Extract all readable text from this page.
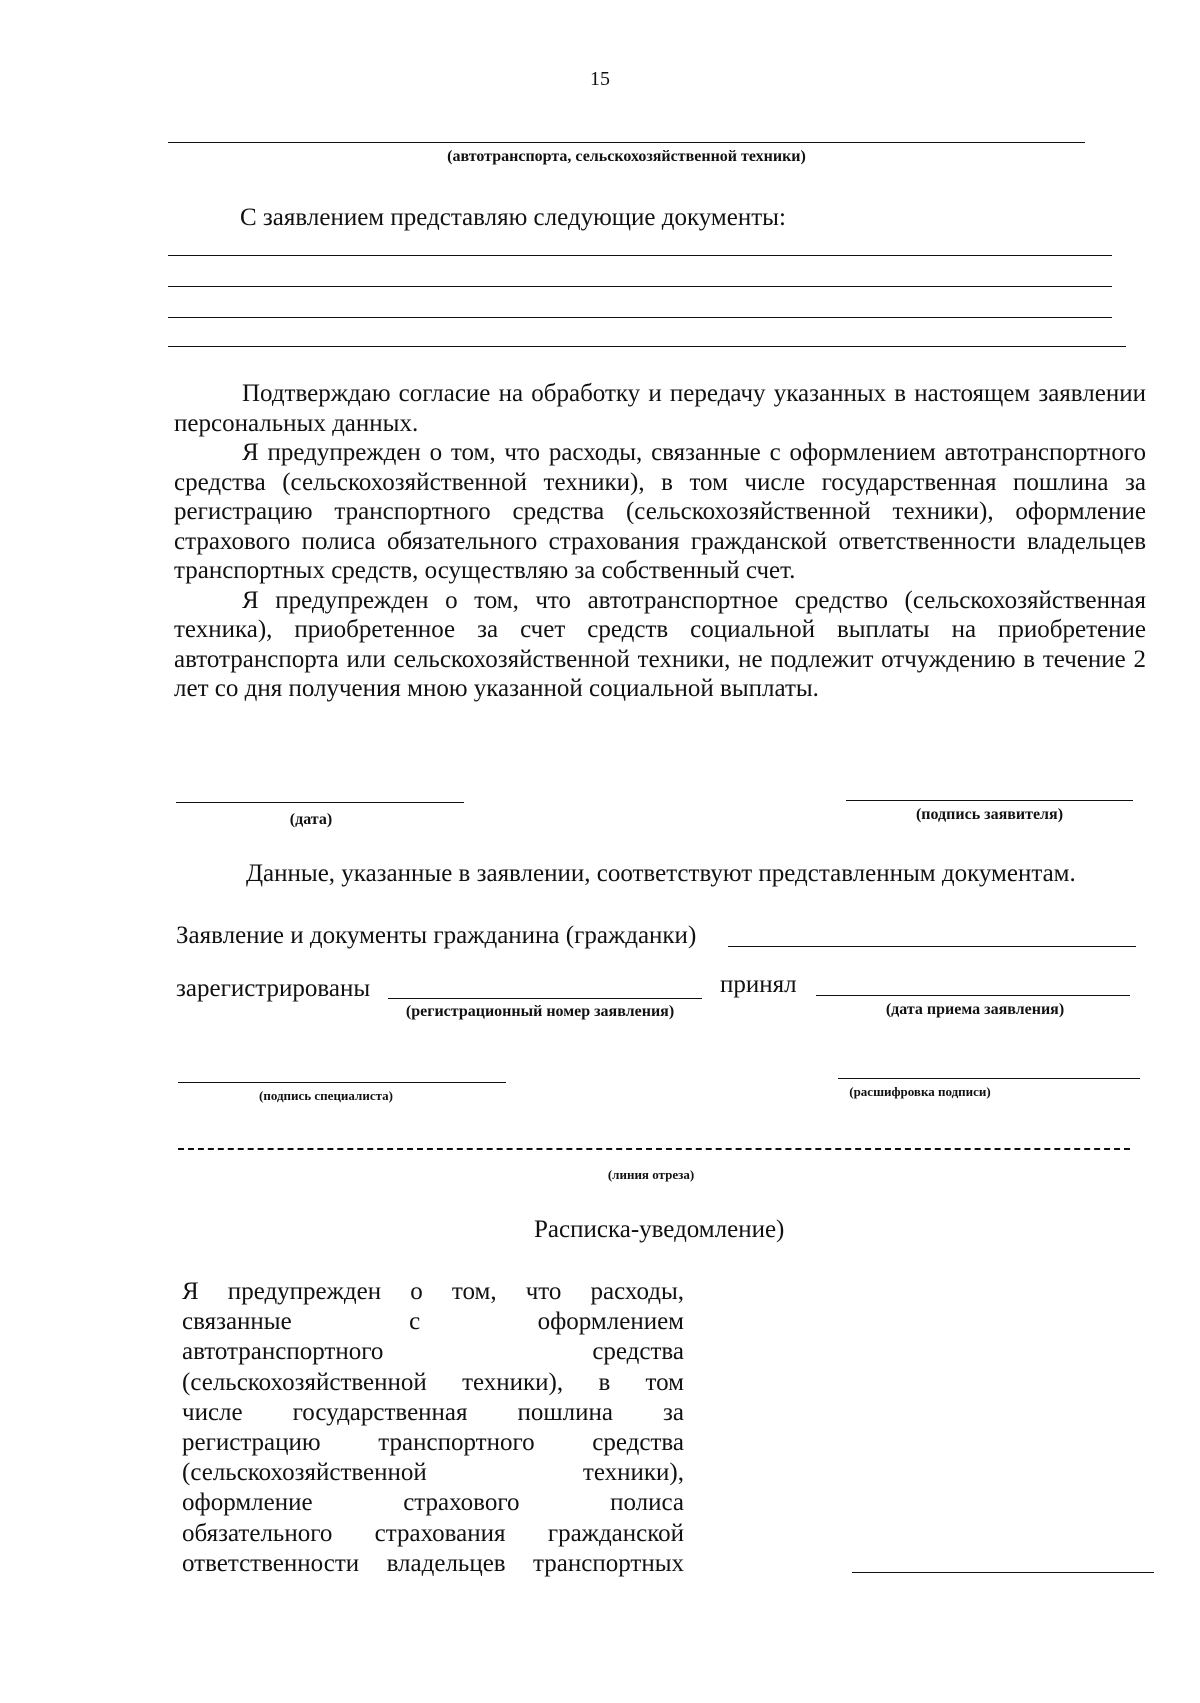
15
(автотранспорта, сельскохозяйственной техники)
С заявлением представляю следующие документы:

Подтверждаю согласие на обработку и передачу указанных в настоящем заявлении персональных данных.

Я предупрежден о том, что расходы, связанные с оформлением автотранспортного средства (сельскохозяйственной техники), в том числе государственная пошлина за регистрацию транспортного средства (сельскохозяйственной техники), оформление страхового полиса обязательного страхования гражданской ответственности владельцев транспортных средств, осуществляю за собственный счет.

Я предупрежден о том, что автотранспортное средство (сельскохозяйственная техника), приобретенное за счет средств социальной выплаты на приобретение автотранспорта или сельскохозяйственной техники, не подлежит отчуждению в течение 2 лет со дня получения мною указанной социальной выплаты.

(дата)	(подпись заявителя)
Данные, указанные в заявлении, соответствуют представленным документам.
Заявление и документы гражданина (гражданки)
зарегистрированы
(регистрационный номер заявления)
принял
(дата приема заявления)
(подпись специалиста)	(расшифровка подписи)
(линия отреза)
Расписка-уведомление)

Я предупрежден о том, что расходы,

связанные с оформлением

автотранспортного средства

(сельскохозяйственной техники), в том

числе государственная пошлина за

регистрацию транспортного средства

(сельскохозяйственной техники),

оформление страхового полиса

обязательного страхования гражданской

ответственности владельцев транспортных
